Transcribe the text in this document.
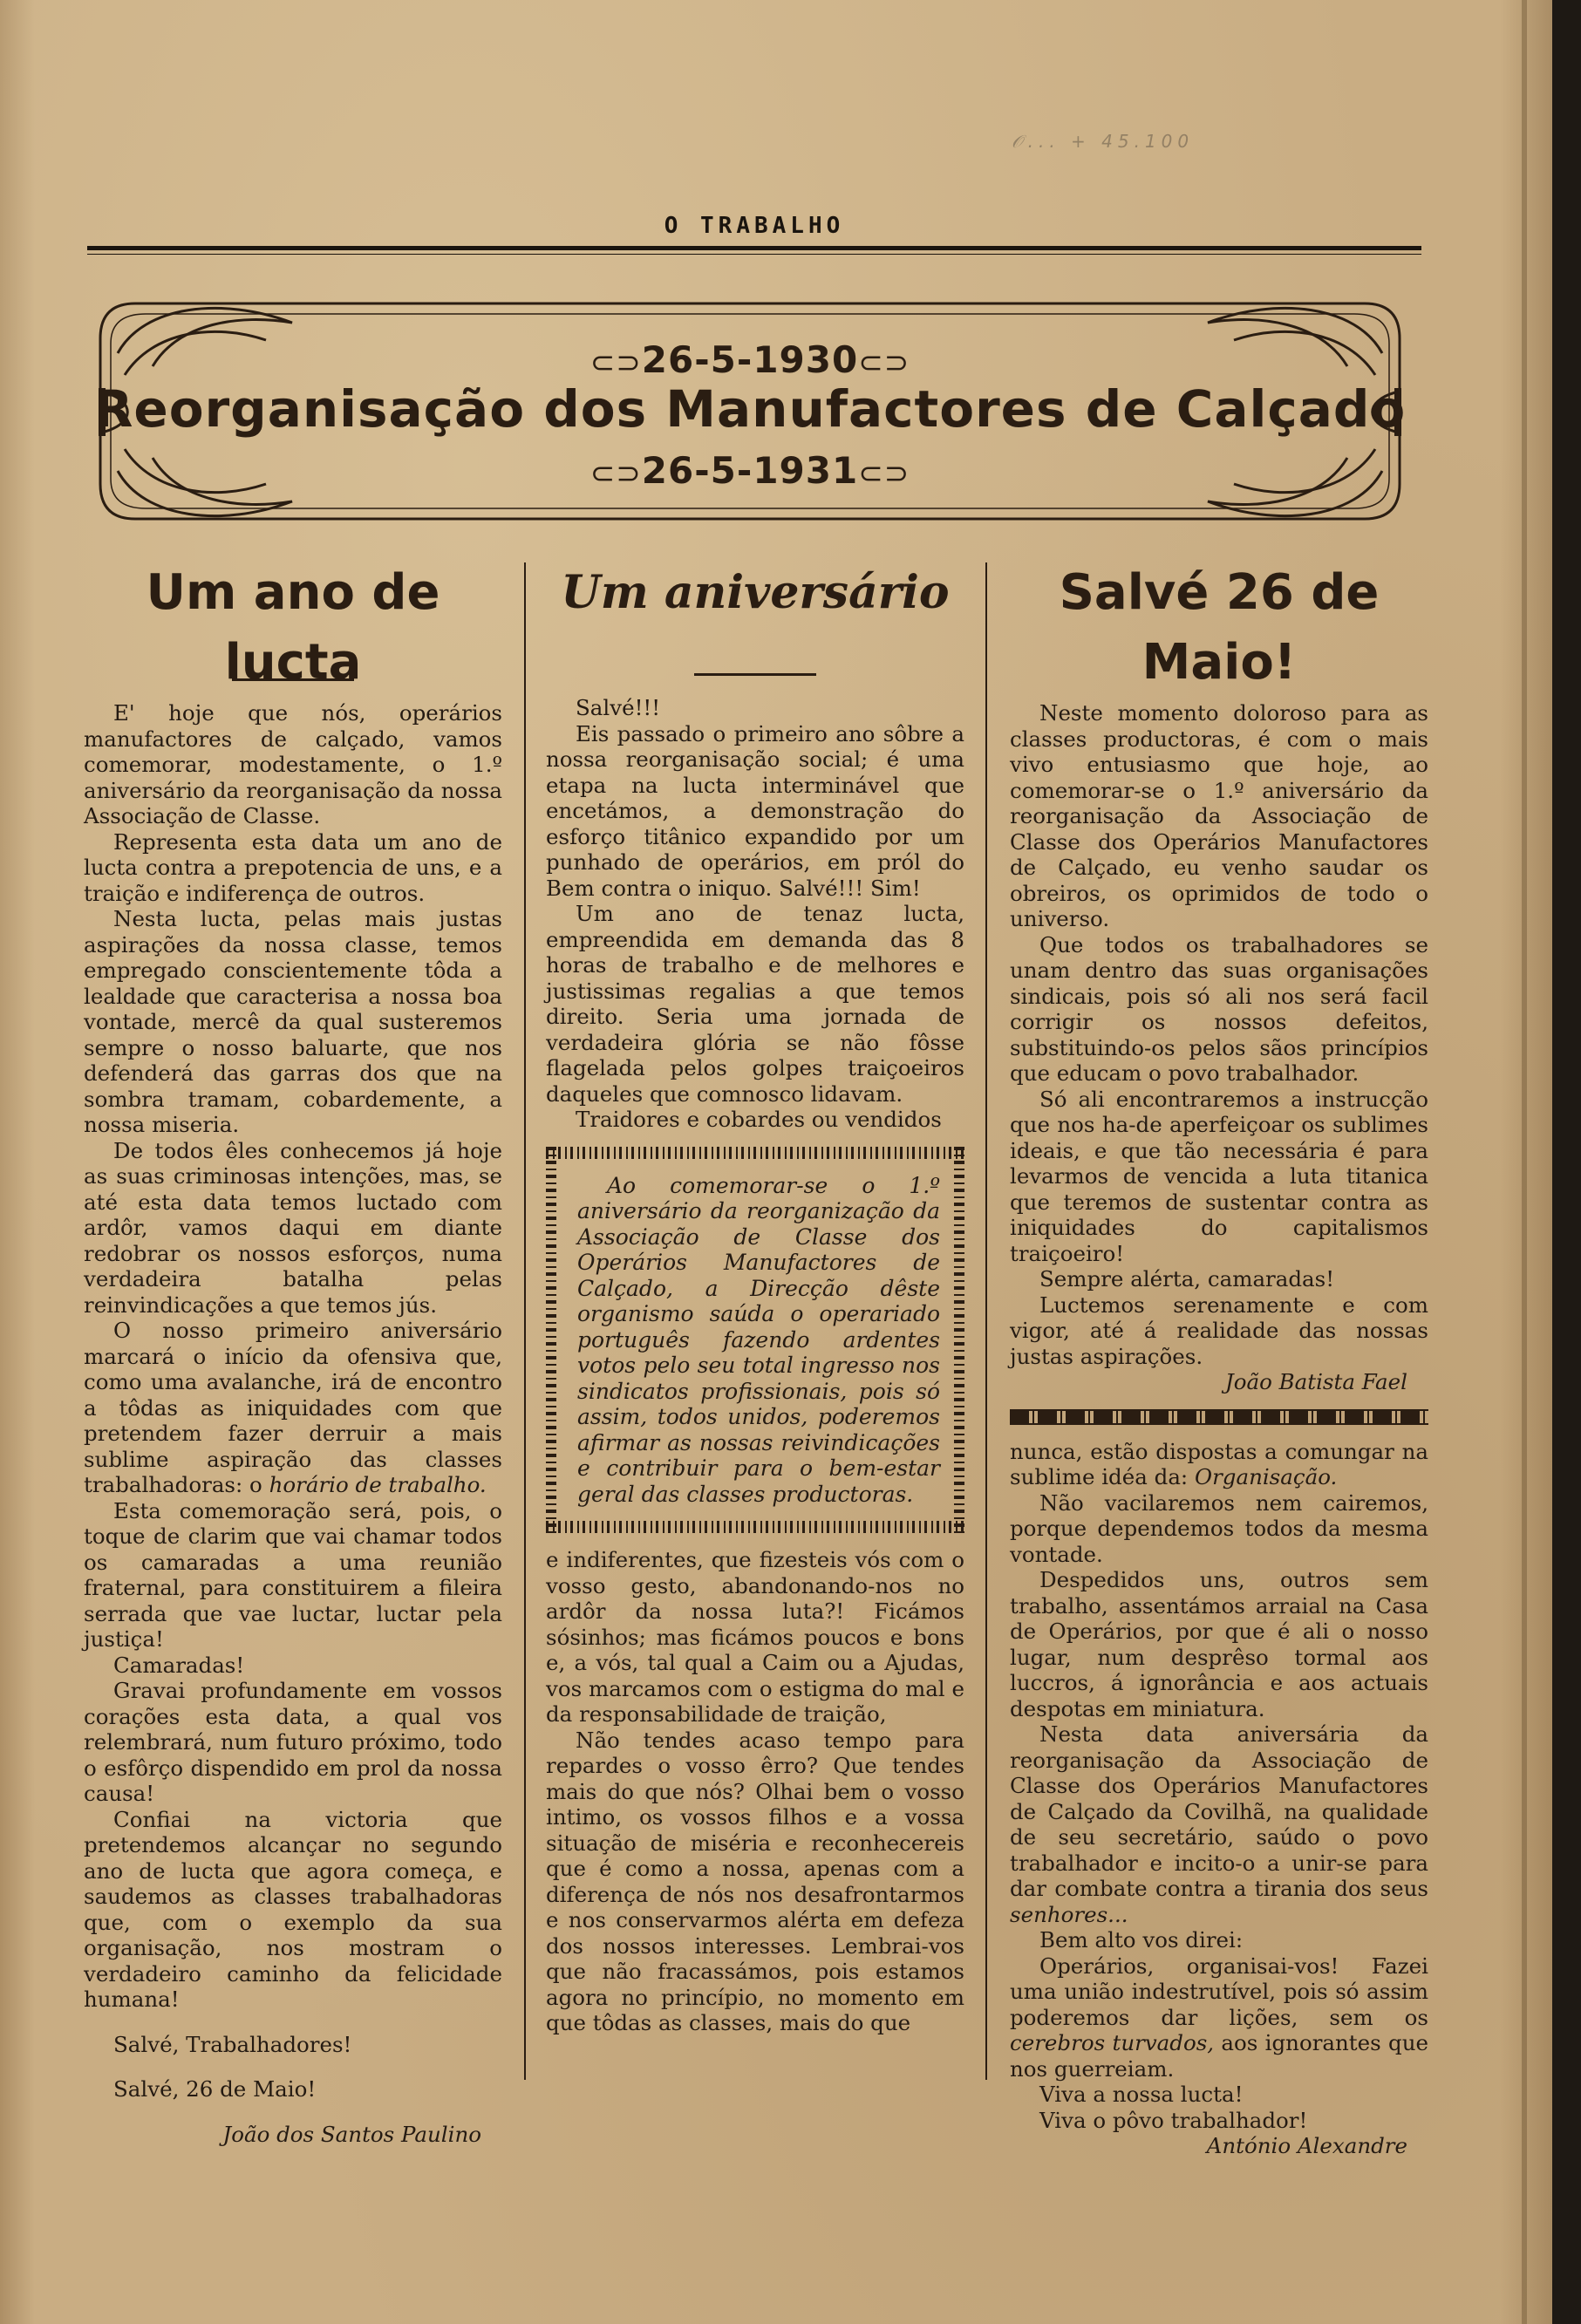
𝒪... + 45.100
O TRABALHO
⊂⊃26-5-1930⊂⊃
Reorganisação dos Manufactores de Calçado
⊂⊃26-5-1931⊂⊃
Um ano de lucta

E' hoje que nós, operários manufactores de calçado, vamos comemorar, modestamente, o 1.º aniversário da reorganisação da nossa Associação de Classe.

Representa esta data um ano de lucta contra a prepotencia de uns, e a traição e indiferença de outros.

Nesta lucta, pelas mais justas aspirações da nossa classe, temos empregado conscientemente tôda a lealdade que caracterisa a nossa boa vontade, mercê da qual susteremos sempre o nosso baluarte, que nos defenderá das garras dos que na sombra tramam, cobardemente, a nossa miseria.

De todos êles conhecemos já hoje as suas criminosas intenções, mas, se até esta data temos luctado com ardôr, vamos daqui em diante redobrar os nossos esforços, numa verdadeira batalha pelas reinvindicações a que temos jús.

O nosso primeiro aniversário marcará o início da ofensiva que, como uma avalanche, irá de encontro a tôdas as iniquidades com que pretendem fazer derruir a mais sublime aspiração das classes trabalhadoras: o horário de trabalho.

Esta comemoração será, pois, o toque de clarim que vai chamar todos os camaradas a uma reunião fraternal, para constituirem a fileira serrada que vae luctar, luctar pela justiça!

Camaradas!

Gravai profundamente em vossos corações esta data, a qual vos relembrará, num futuro próximo, todo o esfôrço dispendido em prol da nossa causa!

Confiai na victoria que pretendemos alcançar no segundo ano de lucta que agora começa, e saudemos as classes trabalhadoras que, com o exemplo da sua organisação, nos mostram o verdadeiro caminho da felicidade humana!

Salvé, Trabalhadores!

Salvé, 26 de Maio!

João dos Santos Paulino

Um aniversário

Salvé!!!

Eis passado o primeiro ano sôbre a nossa reorganisação social; é uma etapa na lucta interminável que encetámos, a demonstração do esforço titânico expandido por um punhado de operários, em pról do Bem contra o iniquo. Salvé!!! Sim!

Um ano de tenaz lucta, empreendida em demanda das 8 horas de trabalho e de melhores e justissimas regalias a que temos direito. Seria uma jornada de verdadeira glória se não fôsse flagelada pelos golpes traiçoeiros daqueles que comnosco lidavam.

Traidores e cobardes ou vendidos

Ao comemorar-se o 1.º aniversário da reorganização da Associação de Classe dos Operários Manufactores de Calçado, a Direcção dêste organismo saúda o operariado português fazendo ardentes votos pelo seu total ingresso nos sindicatos profissionais, pois só assim, todos unidos, poderemos afirmar as nossas reivindicações e contribuir para o bem-estar geral das classes productoras.

e indiferentes, que fizesteis vós com o vosso gesto, abandonando-nos no ardôr da nossa luta?! Ficámos sósinhos; mas ficámos poucos e bons e, a vós, tal qual a Caim ou a Ajudas, vos marcamos com o estigma do mal e da responsabilidade de traição,

Não tendes acaso tempo para repardes o vosso êrro? Que tendes mais do que nós? Olhai bem o vosso intimo, os vossos filhos e a vossa situação de miséria e reconhecereis que é como a nossa, apenas com a diferença de nós nos desafrontarmos e nos conservarmos alérta em defeza dos nossos interesses. Lembrai-vos que não fracassámos, pois estamos agora no princípio, no momento em que tôdas as classes, mais do que

Salvé 26 de Maio!

Neste momento doloroso para as classes productoras, é com o mais vivo entusiasmo que hoje, ao comemorar-se o 1.º aniversário da reorganisação da Associação de Classe dos Operários Manufactores de Calçado, eu venho saudar os obreiros, os oprimidos de todo o universo.

Que todos os trabalhadores se unam dentro das suas organisações sindicais, pois só ali nos será facil corrigir os nossos defeitos, substituindo-os pelos sãos princípios que educam o povo trabalhador.

Só ali encontraremos a instrucção que nos ha-de aperfeiçoar os sublimes ideais, e que tão necessária é para levarmos de vencida a luta titanica que teremos de sustentar contra as iniquidades do capitalismos traiçoeiro!

Sempre alérta, camaradas!

Luctemos serenamente e com vigor, até á realidade das nossas justas aspirações.

João Batista Fael

nunca, estão dispostas a comungar na sublime idéa da: Organisação.

Não vacilaremos nem cairemos, porque dependemos todos da mesma vontade.

Despedidos uns, outros sem trabalho, assentámos arraial na Casa de Operários, por que é ali o nosso lugar, num desprêso tormal aos luccros, á ignorância e aos actuais despotas em miniatura.

Nesta data aniversária da reorganisação da Associação de Classe dos Operários Manufactores de Calçado da Covilhã, na qualidade de seu secretário, saúdo o povo trabalhador e incito-o a unir-se para dar combate contra a tirania dos seus senhores...

Bem alto vos direi:

Operários, organisai-vos! Fazei uma união indestrutível, pois só assim poderemos dar lições, sem os cerebros turvados, aos ignorantes que nos guerreiam.

Viva a nossa lucta!

Viva o pôvo trabalhador!

António Alexandre
